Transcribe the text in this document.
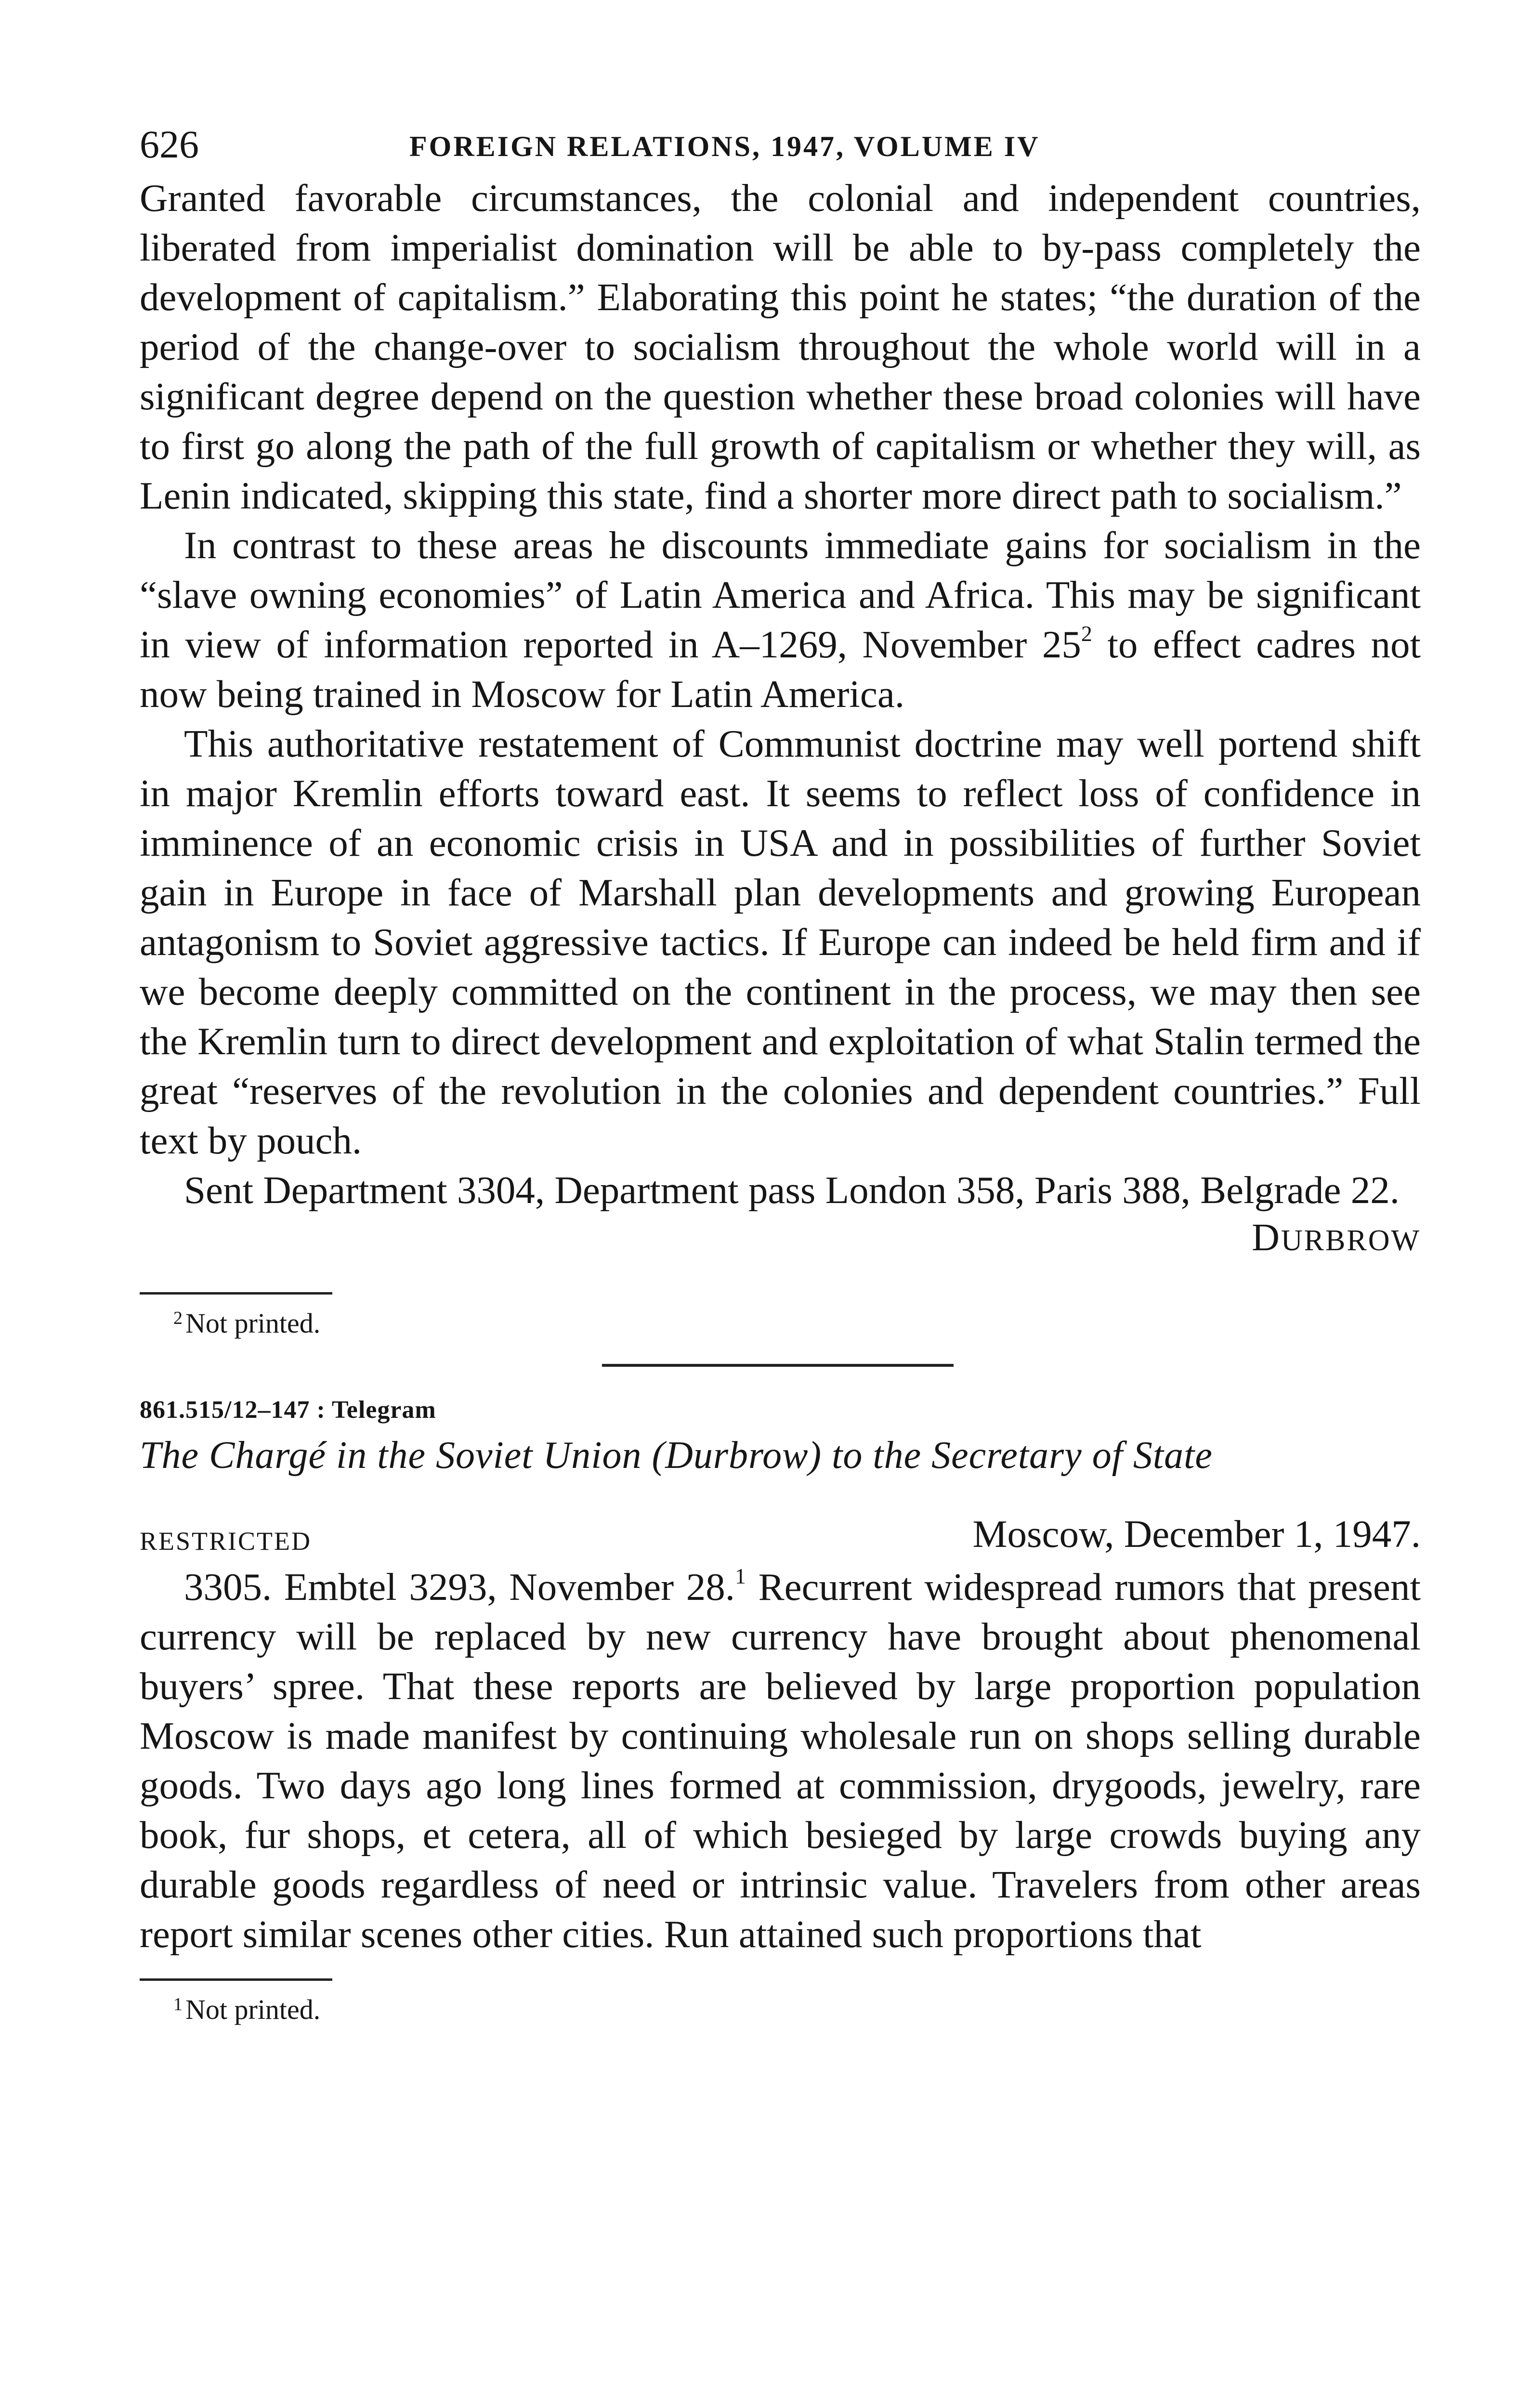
626	FOREIGN RELATIONS, 1947, VOLUME IV

Granted favorable circumstances, the colonial and independent countries, liberated from imperialist domination will be able to by-pass completely the development of capitalism.” Elaborating this point he states; “the duration of the period of the change-over to socialism throughout the whole world will in a significant degree depend on the question whether these broad colonies will have to first go along the path of the full growth of capitalism or whether they will, as Lenin indicated, skipping this state, find a shorter more direct path to socialism.”

In contrast to these areas he discounts immediate gains for socialism in the “slave owning economies” of Latin America and Africa. This may be significant in view of information reported in A–1269, November 25$^2$ to effect cadres not now being trained in Moscow for Latin America.

This authoritative restatement of Communist doctrine may well portend shift in major Kremlin efforts toward east. It seems to reflect loss of confidence in imminence of an economic crisis in USA and in possibilities of further Soviet gain in Europe in face of Marshall plan developments and growing European antagonism to Soviet aggressive tactics. If Europe can indeed be held firm and if we become deeply committed on the continent in the process, we may then see the Kremlin turn to direct development and exploitation of what Stalin termed the great “reserves of the revolution in the colonies and dependent countries.” Full text by pouch.

Sent Department 3304, Department pass London 358, Paris 388, Belgrade 22.

DURBROW
$^2$ Not printed.
861.515/12–147 : Telegram
The Chargé in the Soviet Union (Durbrow) to the Secretary of State
RESTRICTED	Moscow, December 1, 1947.

3305. Embtel 3293, November 28.$^1$ Recurrent widespread rumors that present currency will be replaced by new currency have brought about phenomenal buyers’ spree. That these reports are believed by large proportion population Moscow is made manifest by continuing wholesale run on shops selling durable goods. Two days ago long lines formed at commission, drygoods, jewelry, rare book, fur shops, et cetera, all of which besieged by large crowds buying any durable goods regardless of need or intrinsic value. Travelers from other areas report similar scenes other cities. Run attained such proportions that

$^1$ Not printed.
